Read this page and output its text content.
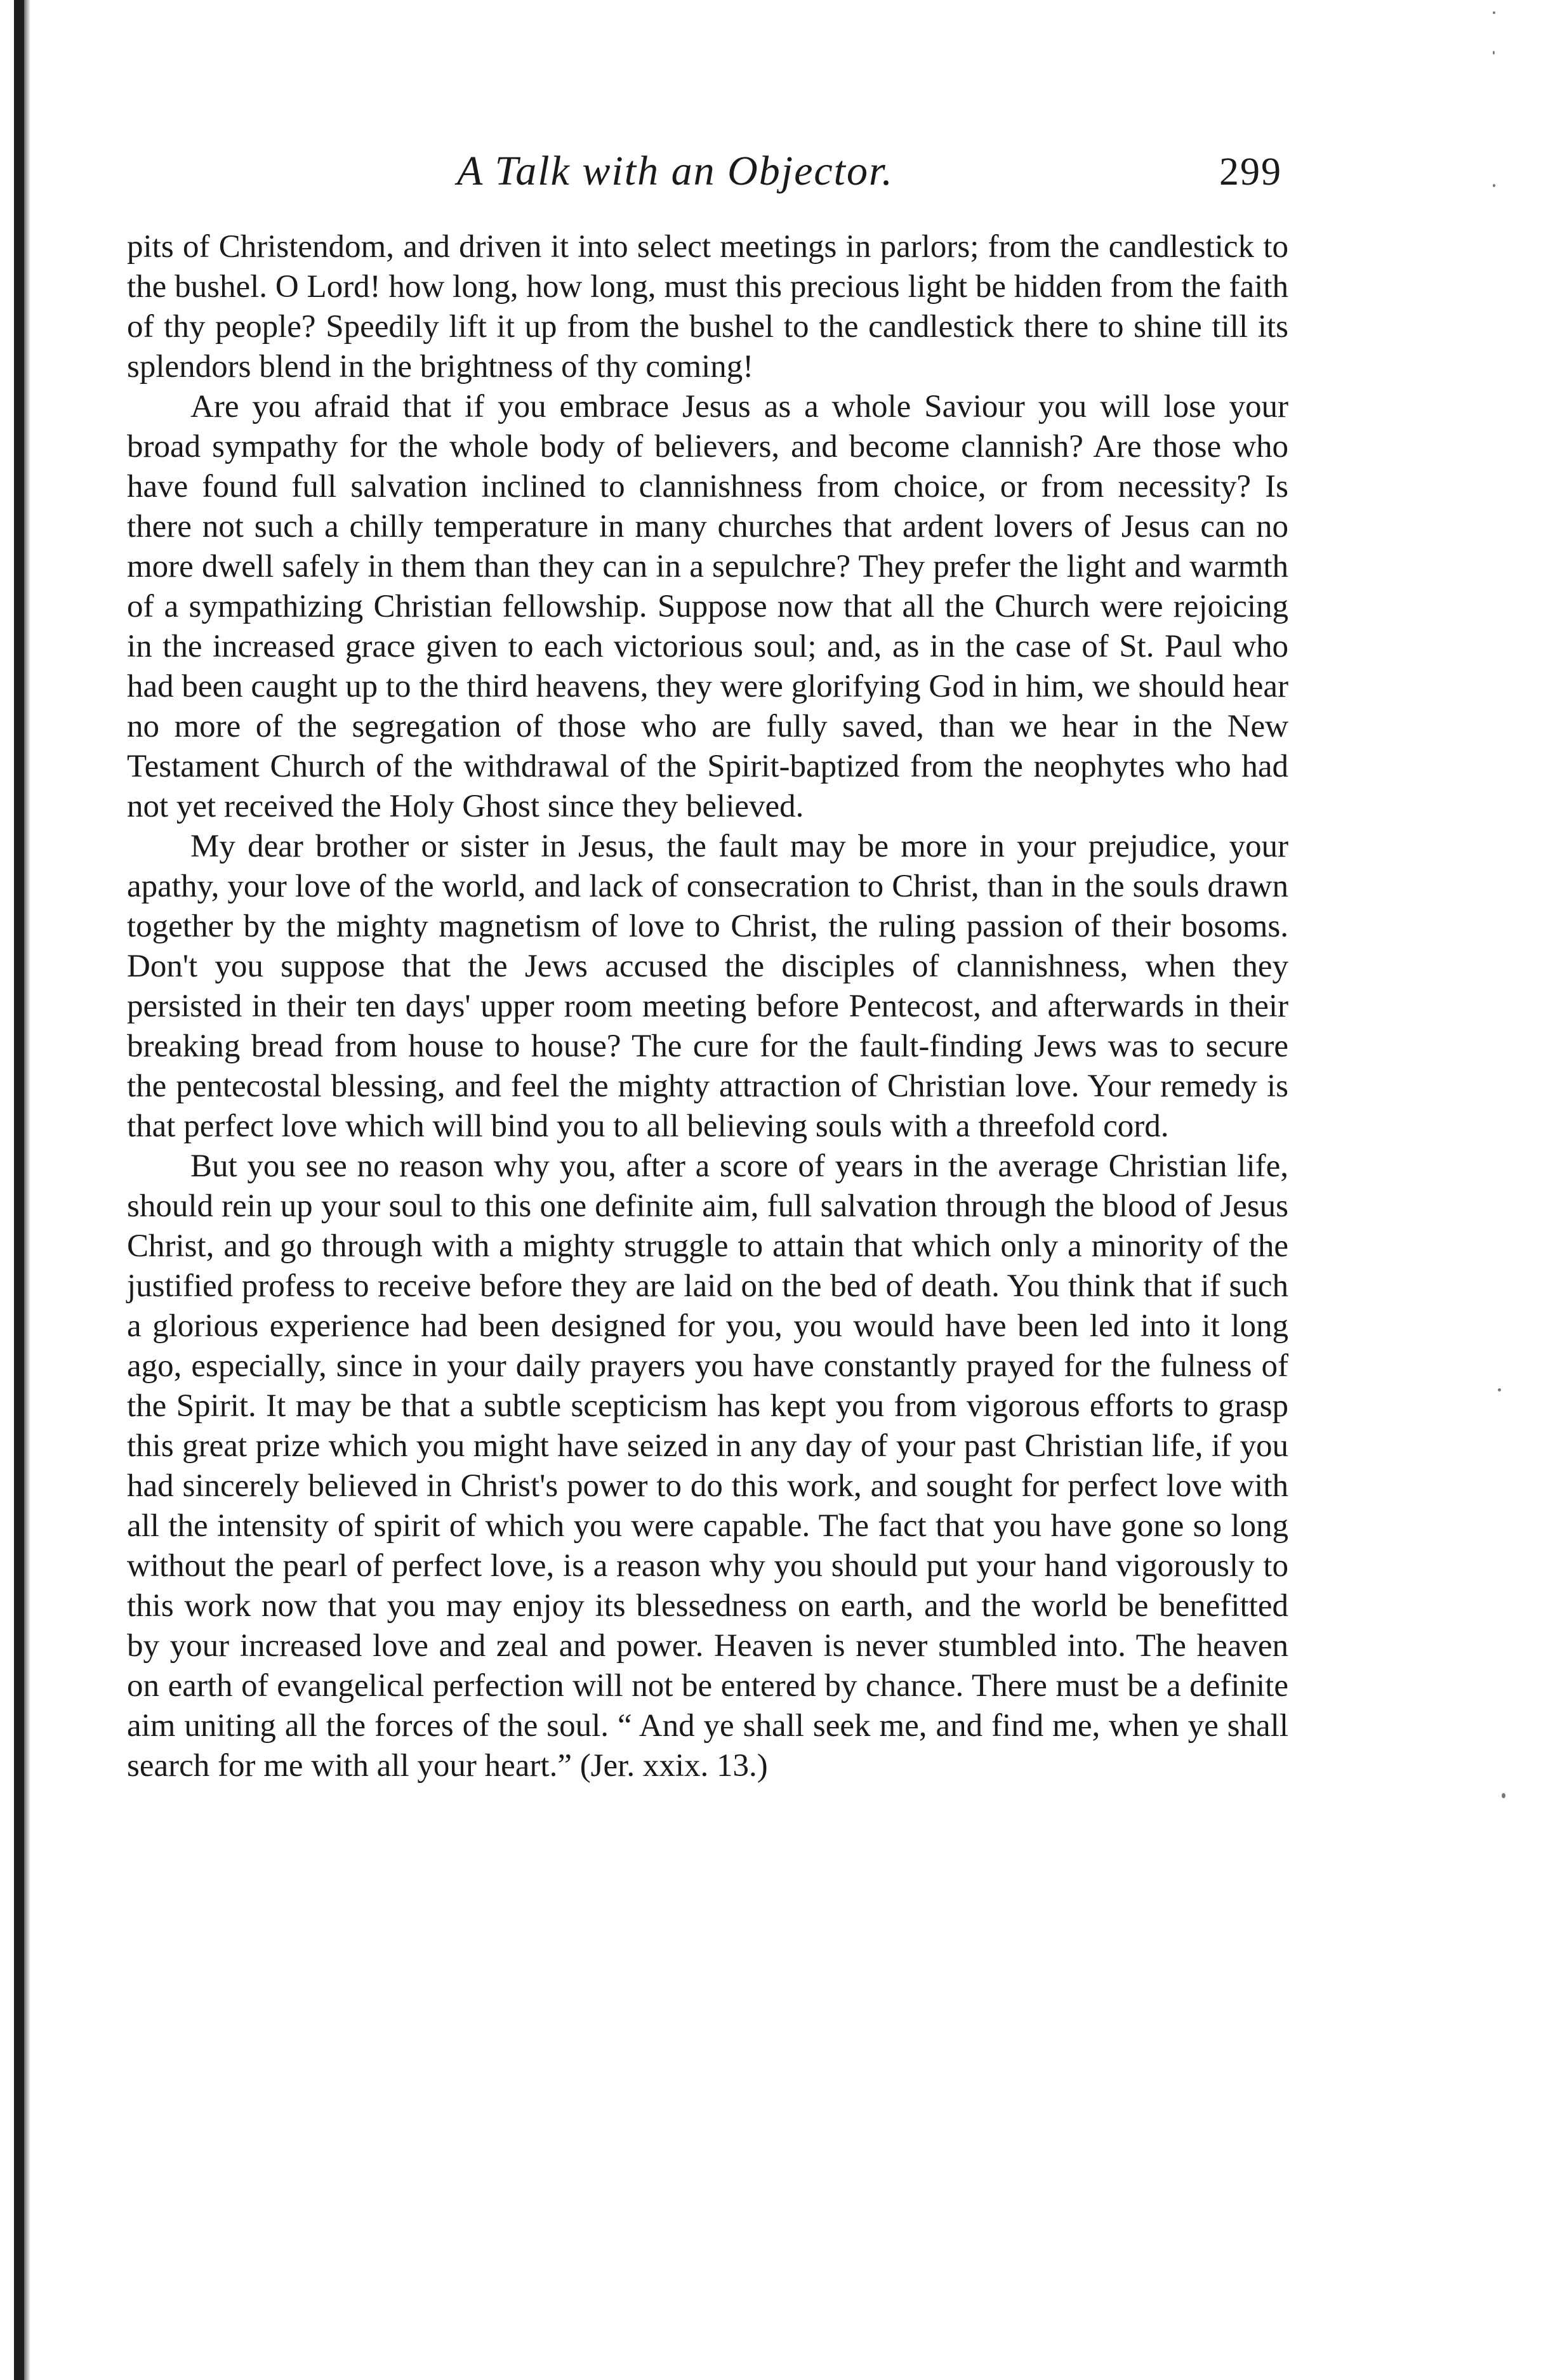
A Talk with an Objector.	299

pits of Christendom, and driven it into select meetings in parlors; from the candlestick to the bushel. O Lord! how long, how long, must this precious light be hidden from the faith of thy people? Speedily lift it up from the bushel to the candlestick there to shine till its splendors blend in the brightness of thy coming!

Are you afraid that if you embrace Jesus as a whole Saviour you will lose your broad sympathy for the whole body of believers, and become clannish? Are those who have found full salvation inclined to clannishness from choice, or from necessity? Is there not such a chilly temperature in many churches that ardent lovers of Jesus can no more dwell safely in them than they can in a sepulchre? They prefer the light and warmth of a sympathizing Christian fellowship. Suppose now that all the Church were rejoicing in the increased grace given to each victorious soul; and, as in the case of St. Paul who had been caught up to the third heavens, they were glorifying God in him, we should hear no more of the segregation of those who are fully saved, than we hear in the New Testament Church of the withdrawal of the Spirit-baptized from the neophytes who had not yet received the Holy Ghost since they believed.

My dear brother or sister in Jesus, the fault may be more in your prejudice, your apathy, your love of the world, and lack of consecration to Christ, than in the souls drawn together by the mighty magnetism of love to Christ, the ruling passion of their bosoms. Don't you suppose that the Jews accused the disciples of clannishness, when they persisted in their ten days' upper room meeting before Pentecost, and afterwards in their breaking bread from house to house? The cure for the fault-finding Jews was to secure the pentecostal blessing, and feel the mighty attraction of Christian love. Your remedy is that perfect love which will bind you to all believing souls with a threefold cord.

But you see no reason why you, after a score of years in the average Christian life, should rein up your soul to this one definite aim, full salvation through the blood of Jesus Christ, and go through with a mighty struggle to attain that which only a minority of the justified profess to receive before they are laid on the bed of death. You think that if such a glorious experience had been designed for you, you would have been led into it long ago, especially, since in your daily prayers you have constantly prayed for the fulness of the Spirit. It may be that a subtle scepticism has kept you from vigorous efforts to grasp this great prize which you might have seized in any day of your past Christian life, if you had sincerely believed in Christ's power to do this work, and sought for perfect love with all the intensity of spirit of which you were capable. The fact that you have gone so long without the pearl of perfect love, is a reason why you should put your hand vigorously to this work now that you may enjoy its blessedness on earth, and the world be benefitted by your increased love and zeal and power. Heaven is never stumbled into. The heaven on earth of evangelical perfection will not be entered by chance. There must be a definite aim uniting all the forces of the soul. “ And ye shall seek me, and find me, when ye shall search for me with all your heart.” (Jer. xxix. 13.)
